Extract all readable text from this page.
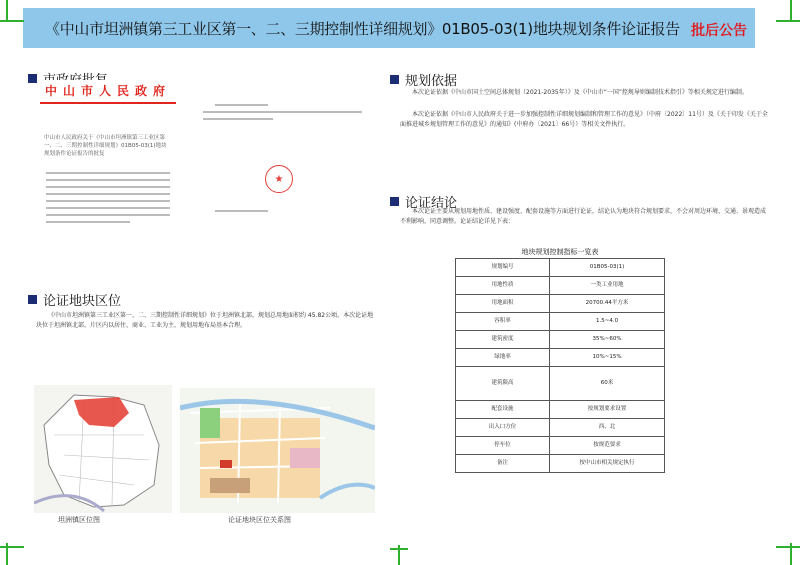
《中山市坦洲镇第三工业区第一、二、三期控制性详细规划》01B05-03(1)地块规划条件论证报告 批后公告
中山市人民政府
中山市人民政府关于《中山市坦洲镇第三工业区第一、二、三期控制性详细规划》01B05-03(1)地块规划条件论证报告的批复
★
论证地块区位
《中山市坦洲镇第三工业区第一、二、三期控制性详细规划》位于坦洲镇北部，规划总用地面积约 45.82公顷。本次论证地块位于坦洲镇北部，片区内以居住、商业、工业为主，规划用地布局基本合理。
坦洲镇区位图	论证地块区位关系图
规划依据
本次论证依据《中山市国土空间总体规划（2021-2035年）》及《中山市“一国”控规导则编制技术指引》等相关规定进行编制。
本次论证依据《中山市人民政府关于进一步加强控制性详细规划编制和管理工作的意见》（中府〔2022〕11号）及《关于印发《关于全面推进城乡规划管理工作的意见》的通知》(中府办〔2021〕66号）等相关文件执行。
论证结论
本次论证主要从规划用地性质、建设强度、配套设施等方面进行论证，结论认为地块符合规划要求，不会对周边环境、交通、景观造成不利影响，同意调整。论证结论详见下表：
地块规划控制指标一览表
规划编号	01B05-03(1)
用地性质	一类工业用地
用地面积	20700.44平方米
容积率	1.5~4.0
建筑密度	35%~60%
绿地率	10%~15%
建筑限高	60米
配套设施	按规划要求设置
出入口方位	西、北
停车位	按规范要求
备注	按中山市相关规定执行
